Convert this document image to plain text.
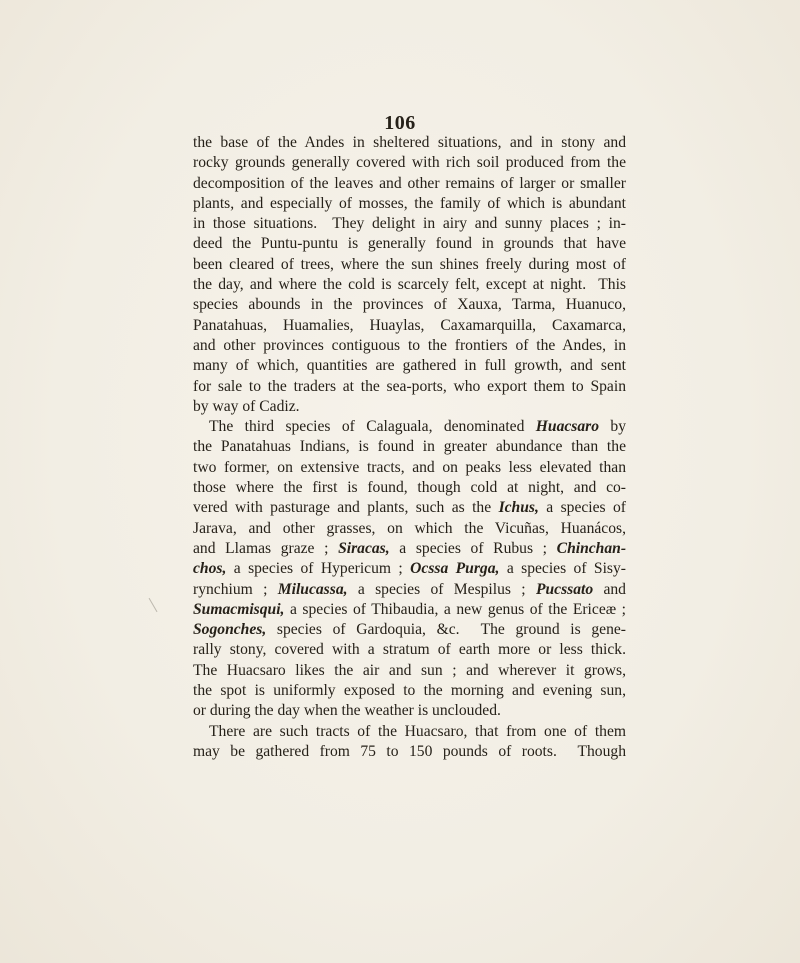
106
the base of the Andes in sheltered situations, and in stony and
rocky grounds generally covered with rich soil produced from the
decomposition of the leaves and other remains of larger or smaller
plants, and especially of mosses, the family of which is abundant
in those situations.  They delight in airy and sunny places ; in-
deed the Puntu-puntu is generally found in grounds that have
been cleared of trees, where the sun shines freely during most of
the day, and where the cold is scarcely felt, except at night.  This
species abounds in the provinces of Xauxa, Tarma, Huanuco,
Panatahuas, Huamalies, Huaylas, Caxamarquilla, Caxamarca,
and other provinces contiguous to the frontiers of the Andes, in
many of which, quantities are gathered in full growth, and sent
for sale to the traders at the sea-ports, who export them to Spain
by way of Cadiz.
The third species of Calaguala, denominated Huacsaro by
the Panatahuas Indians, is found in greater abundance than the
two former, on extensive tracts, and on peaks less elevated than
those where the first is found, though cold at night, and co-
vered with pasturage and plants, such as the Ichus, a species of
Jarava, and other grasses, on which the Vicuñas, Huanácos,
and Llamas graze ; Siracas, a species of Rubus ; Chinchan-
chos, a species of Hypericum ; Ocssa Purga, a species of Sisy-
rynchium ; Milucassa, a species of Mespilus ; Pucssato and
Sumacmisqui, a species of Thibaudia, a new genus of the Ericeæ ;
Sogonches, species of Gardoquia, &c.  The ground is gene-
rally stony, covered with a stratum of earth more or less thick.
The Huacsaro likes the air and sun ; and wherever it grows,
the spot is uniformly exposed to the morning and evening sun,
or during the day when the weather is unclouded.
There are such tracts of the Huacsaro, that from one of them
may be gathered from 75 to 150 pounds of roots.  Though
